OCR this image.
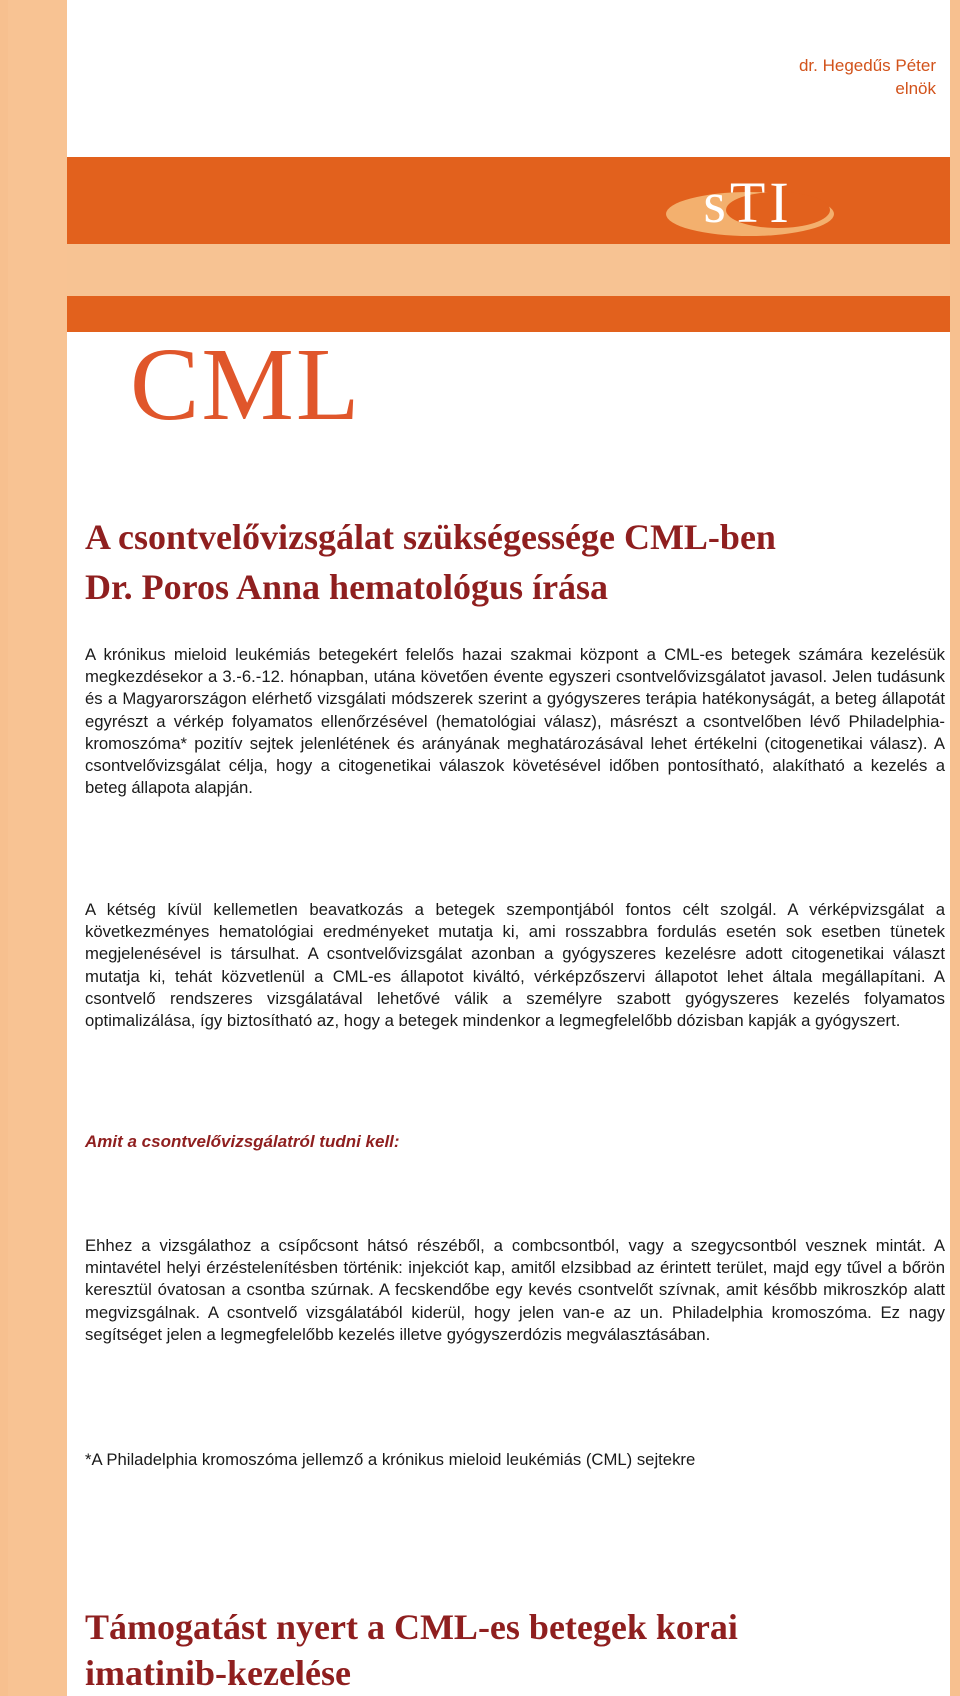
dr. Hegedűs Péter
elnök
sTI
CML
A csontvelővizsgálat szükségessége CML-ben
Dr. Poros Anna hematológus írása
A krónikus mieloid leukémiás betegekért felelős hazai szakmai központ a CML-es betegek számára kezelésük megkezdésekor a 3.-6.-12. hónapban, utána követően évente egyszeri csontvelővizsgálatot javasol. Jelen tudásunk és a Magyarországon elérhető vizsgálati módszerek szerint a gyógyszeres terápia hatékonyságát, a beteg állapotát egyrészt a vérkép folyamatos ellenőrzésével (hematológiai válasz), másrészt a csontvelőben lévő Philadelphia- kromoszóma* pozitív sejtek jelenlétének és arányának meghatározásával lehet értékelni (citogenetikai válasz). A csontvelővizsgálat célja, hogy a citogenetikai válaszok követésével időben pontosítható, alakítható a kezelés a beteg állapota alapján.
A kétség kívül kellemetlen beavatkozás a betegek szempontjából fontos célt szolgál. A vérképvizsgálat a következményes hematológiai eredményeket mutatja ki, ami rosszabbra fordulás esetén sok esetben tünetek megjelenésével is társulhat. A csontvelővizsgálat azonban a gyógyszeres kezelésre adott citogenetikai választ mutatja ki, tehát közvetlenül a CML-es állapotot kiváltó, vérképzőszervi állapotot lehet általa megállapítani. A csontvelő rendszeres vizsgálatával lehetővé válik a személyre szabott gyógyszeres kezelés folyamatos optimalizálása, így biztosítható az, hogy a betegek mindenkor a legmegfelelőbb dózisban kapják a gyógyszert.
Amit a csontvelővizsgálatról tudni kell:
Ehhez a vizsgálathoz a csípőcsont hátsó részéből, a combcsontból, vagy a szegycsontból vesznek mintát. A mintavétel helyi érzéstelenítésben történik: injekciót kap, amitől elzsibbad az érintett terület, majd egy tűvel a bőrön keresztül óvatosan a csontba szúrnak. A fecskendőbe egy kevés csontvelőt szívnak, amit később mikroszkóp alatt megvizsgálnak. A csontvelő vizsgálatából kiderül, hogy jelen van-e az un. Philadelphia kromoszóma. Ez nagy segítséget jelen a legmegfelelőbb kezelés illetve gyógyszerdózis megválasztásában.
*A Philadelphia kromoszóma jellemző a krónikus mieloid leukémiás (CML) sejtekre
Támogatást nyert a CML-es betegek korai imatinib-kezelése
